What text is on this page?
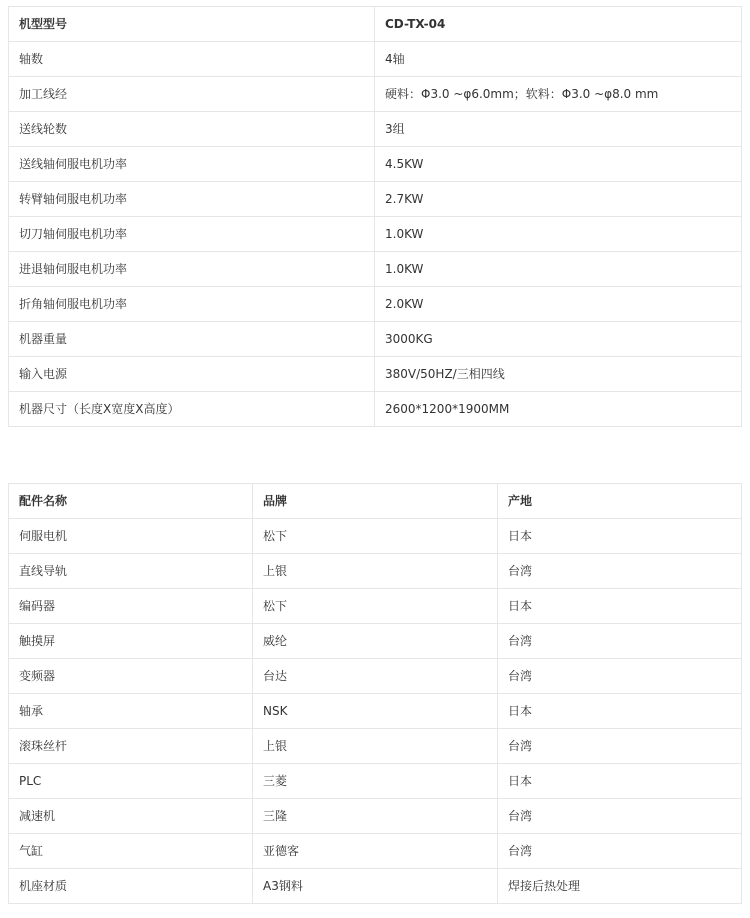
机型型号	CD-TX-04
轴数	4轴
加工线经	硬料：Φ3.0 ~φ6.0mm；软料：Φ3.0 ~φ8.0 mm
送线轮数	3组
送线轴伺服电机功率	4.5KW
转臂轴伺服电机功率	2.7KW
切刀轴伺服电机功率	1.0KW
进退轴伺服电机功率	1.0KW
折角轴伺服电机功率	2.0KW
机器重量	3000KG
输入电源	380V/50HZ/三相四线
机器尺寸（长度X宽度X高度）	2600*1200*1900MM
配件名称	品牌	产地
伺服电机	松下	日本
直线导轨	上银	台湾
编码器	松下	日本
触摸屏	威纶	台湾
变频器	台达	台湾
轴承	NSK	日本
滚珠丝杆	上银	台湾
PLC	三菱	日本
减速机	三隆	台湾
气缸	亚德客	台湾
机座材质	A3钢料	焊接后热处理
